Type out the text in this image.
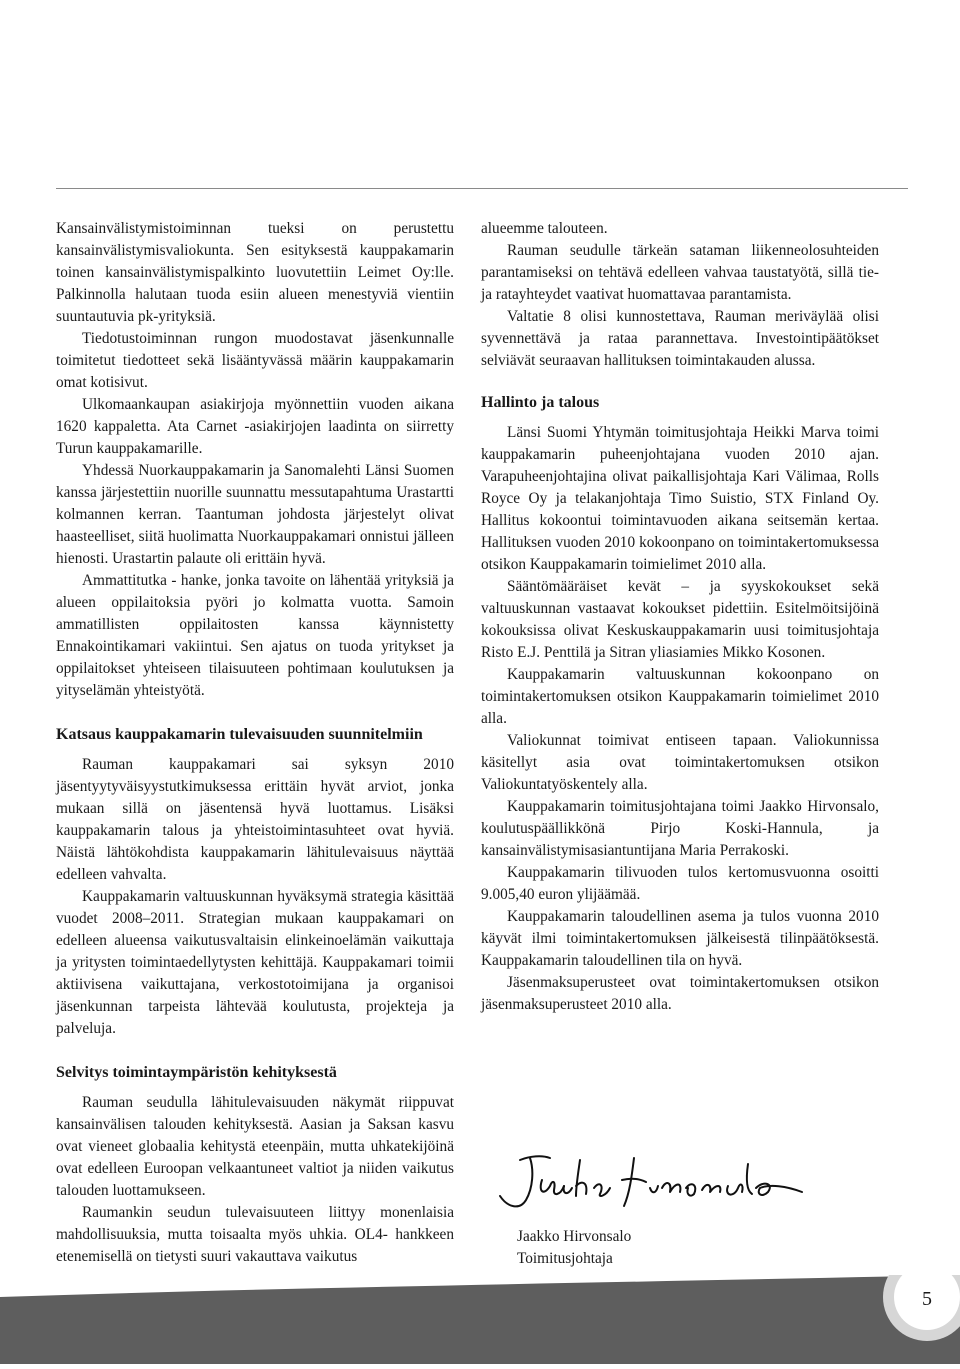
Kansainvälistymistoiminnan tueksi on perustettu kansainvälistymisvaliokunta. Sen esityksestä kauppakamarin toinen kansainvälistymispalkinto luovutettiin Leimet Oy:lle. Palkinnolla halutaan tuoda esiin alueen menestyviä vientiin suuntautuvia pk-yrityksiä.

Tiedotustoiminnan rungon muodostavat jäsenkunnalle toimitetut tiedotteet sekä lisääntyvässä määrin kauppakamarin omat kotisivut.

Ulkomaankaupan asiakirjoja myönnettiin vuoden aikana 1620 kappaletta. Ata Carnet -asiakirjojen laadinta on siirretty Turun kauppakamarille.

Yhdessä Nuorkauppakamarin ja Sanomalehti Länsi Suomen kanssa järjestettiin nuorille suunnattu messutapahtuma Urastartti kolmannen kerran. Taantuman johdosta järjestelyt olivat haasteelliset, siitä huolimatta Nuorkauppakamari onnistui jälleen hienosti. Urastartin palaute oli erittäin hyvä.

Ammattitutka - hanke, jonka tavoite on lähentää yrityksiä ja alueen oppilaitoksia pyöri jo kolmatta vuotta. Samoin ammatillisten oppilaitosten kanssa käynnistetty Ennakointikamari vakiintui. Sen ajatus on tuoda yritykset ja oppilaitokset yhteiseen tilaisuuteen pohtimaan koulutuksen ja yityselämän yhteistyötä.

Katsaus kauppakamarin tulevaisuuden suunnitelmiin

Rauman kauppakamari sai syksyn 2010 jäsentyytyväisyystutkimuksessa erittäin hyvät arviot, jonka mukaan sillä on jäsentensä hyvä luottamus. Lisäksi kauppakamarin talous ja yhteistoimintasuhteet ovat hyviä. Näistä lähtökohdista kauppakamarin lähitulevaisuus näyttää edelleen vahvalta.

Kauppakamarin valtuuskunnan hyväksymä strategia käsittää vuodet 2008–2011. Strategian mukaan kauppakamari on edelleen alueensa vaikutusvaltaisin elinkeinoelämän vaikuttaja ja yritysten toimintaedellytysten kehittäjä. Kauppakamari toimii aktiivisena vaikuttajana, verkostotoimijana ja organisoi jäsenkunnan tarpeista lähtevää koulutusta, projekteja ja palveluja.

Selvitys toimintaympäristön kehityksestä

Rauman seudulla lähitulevaisuuden näkymät riippuvat kansainvälisen talouden kehityksestä. Aasian ja Saksan kasvu ovat vieneet globaalia kehitystä eteenpäin, mutta uhkatekijöinä ovat edelleen Euroopan velkaantuneet valtiot ja niiden vaikutus talouden luottamukseen.

Raumankin seudun tulevaisuuteen liittyy monenlaisia mahdollisuuksia, mutta toisaalta myös uhkia. OL4- hankkeen etenemisellä on tietysti suuri vakauttava vaikutus

alueemme talouteen.

Rauman seudulle tärkeän sataman liikenneolosuhteiden parantamiseksi on tehtävä edelleen vahvaa taustatyötä, sillä tie- ja ratayhteydet vaativat huomattavaa parantamista.

Valtatie 8 olisi kunnostettava, Rauman meriväylää olisi syvennettävä ja rataa parannettava. Investointipäätökset selviävät seuraavan hallituksen toimintakauden alussa.

Hallinto ja talous

Länsi Suomi Yhtymän toimitusjohtaja Heikki Marva toimi kauppakamarin puheenjohtajana vuoden 2010 ajan. Varapuheenjohtajina olivat paikallisjohtaja Kari Välimaa, Rolls Royce Oy ja telakanjohtaja Timo Suistio, STX Finland Oy. Hallitus kokoontui toimintavuoden aikana seitsemän kertaa. Hallituksen vuoden 2010 kokoonpano on toimintakertomuksessa otsikon Kauppakamarin toimielimet 2010 alla.

Sääntömääräiset kevät – ja syyskokoukset sekä valtuuskunnan vastaavat kokoukset pidettiin. Esitelmöitsijöinä kokouksissa olivat Keskuskauppakamarin uusi toimitusjohtaja Risto E.J. Penttilä ja Sitran yliasiamies Mikko Kosonen.

Kauppakamarin valtuuskunnan kokoonpano on toimintakertomuksen otsikon Kauppakamarin toimielimet 2010 alla.

Valiokunnat toimivat entiseen tapaan. Valiokunnissa käsitellyt asia ovat toimintakertomuksen otsikon Valiokuntatyöskentely alla.

Kauppakamarin toimitusjohtajana toimi Jaakko Hirvonsalo, koulutuspäällikkönä Pirjo Koski-Hannula, ja kansainvälistymisasiantuntijana Maria Perrakoski.

Kauppakamarin tilivuoden tulos kertomusvuonna osoitti 9.005,40 euron ylijäämää.

Kauppakamarin taloudellinen asema ja tulos vuonna 2010 käyvät ilmi toimintakertomuksen jälkeisestä tilinpäätöksestä. Kauppakamarin taloudellinen tila on hyvä.

Jäsenmaksuperusteet ovat toimintakertomuksen otsikon jäsenmaksuperusteet 2010 alla.

Jaakko Hirvonsalo
Toimitusjohtaja
5
